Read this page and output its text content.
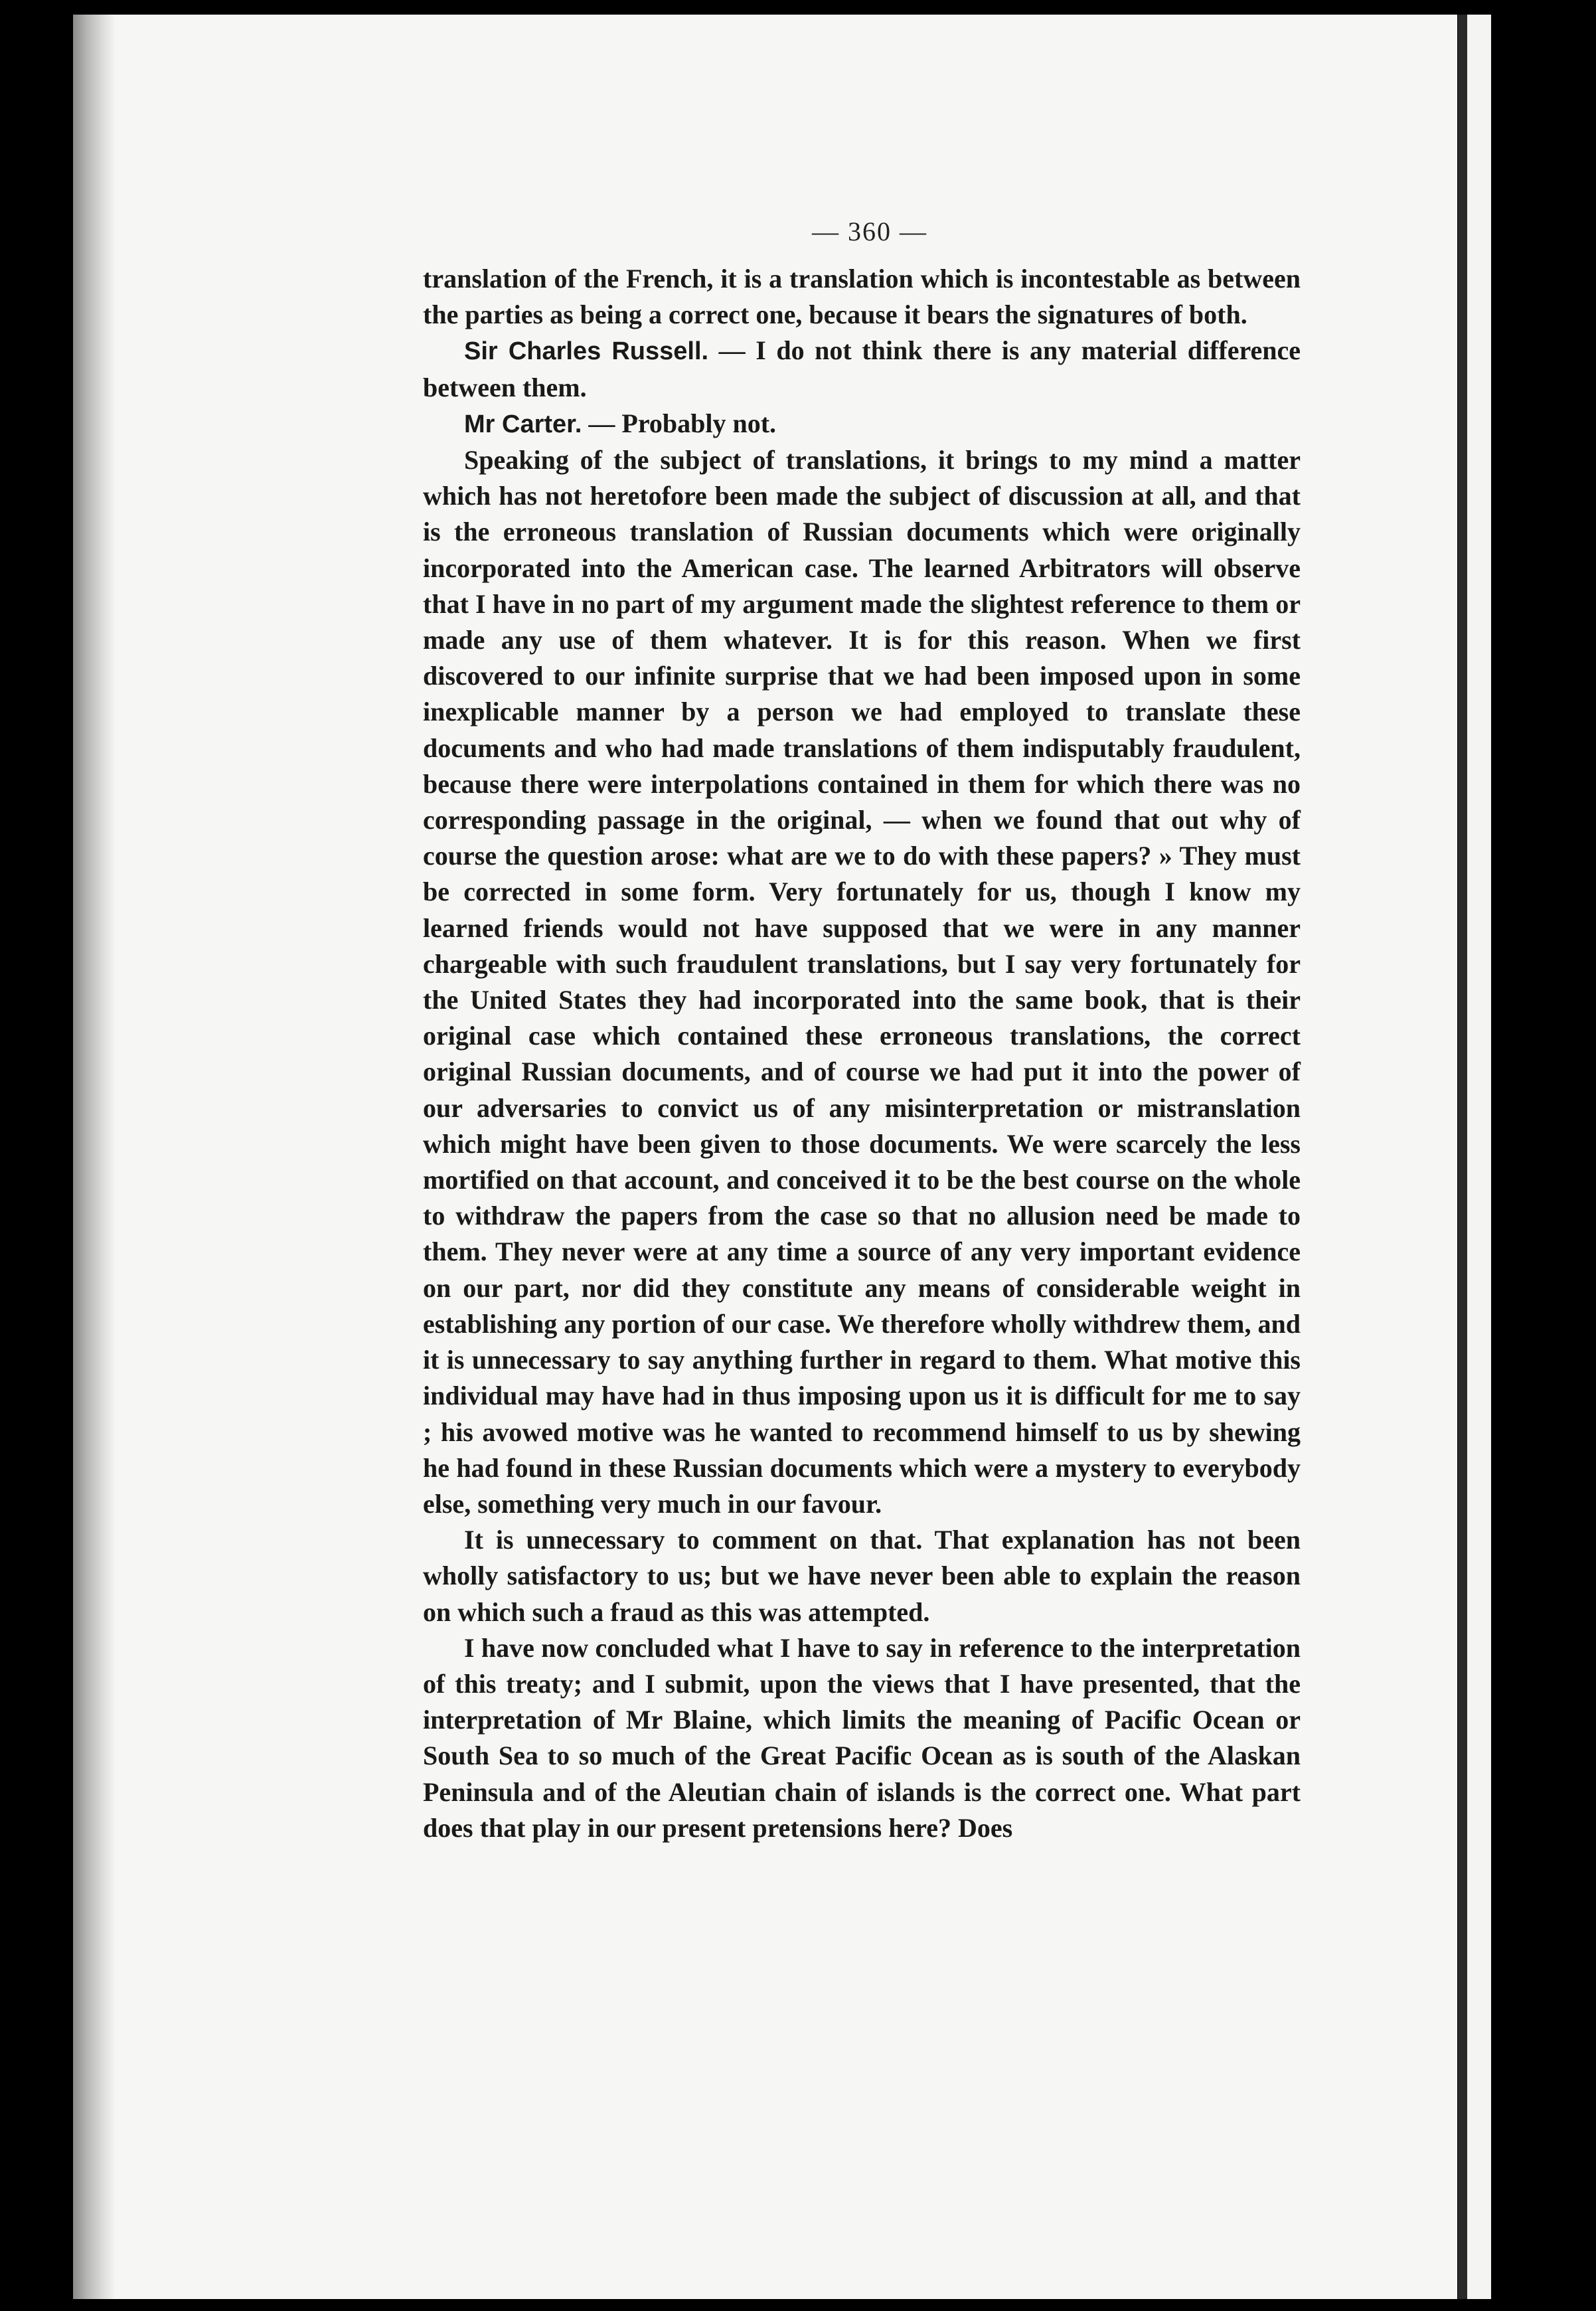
— 360 —

translation of the French, it is a translation which is incontestable as between the parties as being a correct one, because it bears the signatures of both.

Sir Charles Russell. — I do not think there is any material difference between them.

Mr Carter. — Probably not.

Speaking of the subject of translations, it brings to my mind a matter which has not heretofore been made the subject of discussion at all, and that is the erroneous translation of Russian documents which were originally incorporated into the American case. The learned Arbitrators will observe that I have in no part of my argument made the slightest reference to them or made any use of them whatever. It is for this reason. When we first discovered to our infinite surprise that we had been imposed upon in some inexplicable manner by a person we had employed to translate these documents and who had made translations of them indisputably fraudulent, because there were interpolations contained in them for which there was no corresponding passage in the original, — when we found that out why of course the question arose: what are we to do with these papers? » They must be corrected in some form. Very fortunately for us, though I know my learned friends would not have supposed that we were in any manner chargeable with such fraudulent translations, but I say very fortunately for the United States they had incorporated into the same book, that is their original case which contained these erroneous translations, the correct original Russian documents, and of course we had put it into the power of our adversaries to convict us of any misinterpretation or mistranslation which might have been given to those documents. We were scarcely the less mortified on that account, and conceived it to be the best course on the whole to withdraw the papers from the case so that no allusion need be made to them. They never were at any time a source of any very important evidence on our part, nor did they constitute any means of considerable weight in establishing any portion of our case. We therefore wholly withdrew them, and it is unnecessary to say anything further in regard to them. What motive this individual may have had in thus imposing upon us it is difficult for me to say ; his avowed motive was he wanted to recommend himself to us by shewing he had found in these Russian documents which were a mystery to everybody else, something very much in our favour.

It is unnecessary to comment on that. That explanation has not been wholly satisfactory to us; but we have never been able to explain the reason on which such a fraud as this was attempted.

I have now concluded what I have to say in reference to the interpretation of this treaty; and I submit, upon the views that I have presented, that the interpretation of Mr Blaine, which limits the meaning of Pacific Ocean or South Sea to so much of the Great Pacific Ocean as is south of the Alaskan Peninsula and of the Aleutian chain of islands is the correct one. What part does that play in our present pretensions here? Does
